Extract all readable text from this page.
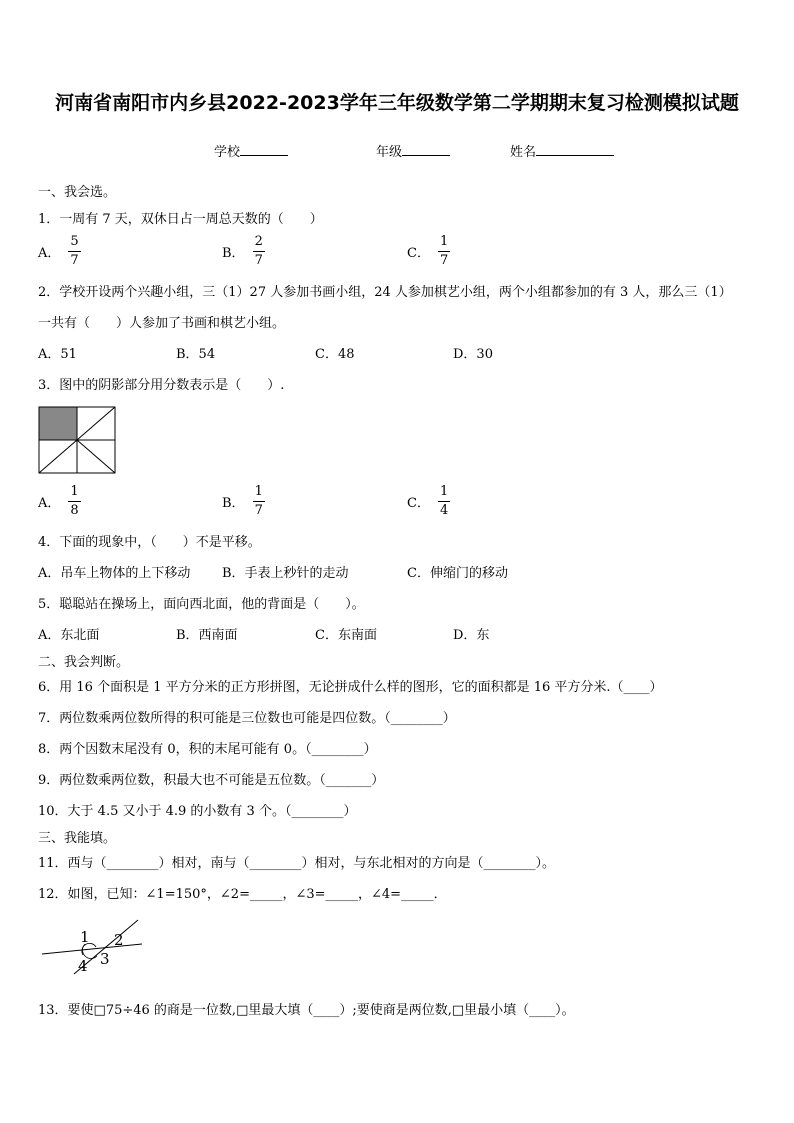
河南省南阳市内乡县2022-2023学年三年级数学第二学期期末复习检测模拟试题
学校	年级	姓名
一、我会选。
1．一周有 7 天，双休日占一周总天数的（　　）
A． $\frac{5}{7}$	B． $\frac{2}{7}$	C． $\frac{1}{7}$
2．学校开设两个兴趣小组，三（1）27 人参加书画小组，24 人参加棋艺小组，两个小组都参加的有 3 人，那么三（1）
一共有（　　）人参加了书画和棋艺小组。
A．51	B．54	C．48	D．30
3．图中的阴影部分用分数表示是（　　）.
A． $\frac{1}{8}$	B． $\frac{1}{7}$	C． $\frac{1}{4}$
4．下面的现象中，（　　）不是平移。
A．吊车上物体的上下移动 B．手表上秒针的走动	C．伸缩门的移动
5．聪聪站在操场上，面向西北面，他的背面是（　　）。
A．东北面	B．西南面	C．东南面	D．东
二、我会判断。
6．用 16 个面积是 1 平方分米的正方形拼图，无论拼成什么样的图形，它的面积都是 16 平方分米.（____）
7．两位数乘两位数所得的积可能是三位数也可能是四位数。（________）
8．两个因数末尾没有 0，积的末尾可能有 0。（________）
9．两位数乘两位数，积最大也不可能是五位数。（_______）
10．大于 4.5 又小于 4.9 的小数有 3 个。（________）
三、我能填。
11．西与（________）相对，南与（________）相对，与东北相对的方向是（________）。
12．如图，已知：∠1=150°，∠2=_____，∠3=_____，∠4=_____．
1 2
3
4
13．要使□75÷46 的商是一位数,□里最大填（____）;要使商是两位数,□里最小填（____）。
